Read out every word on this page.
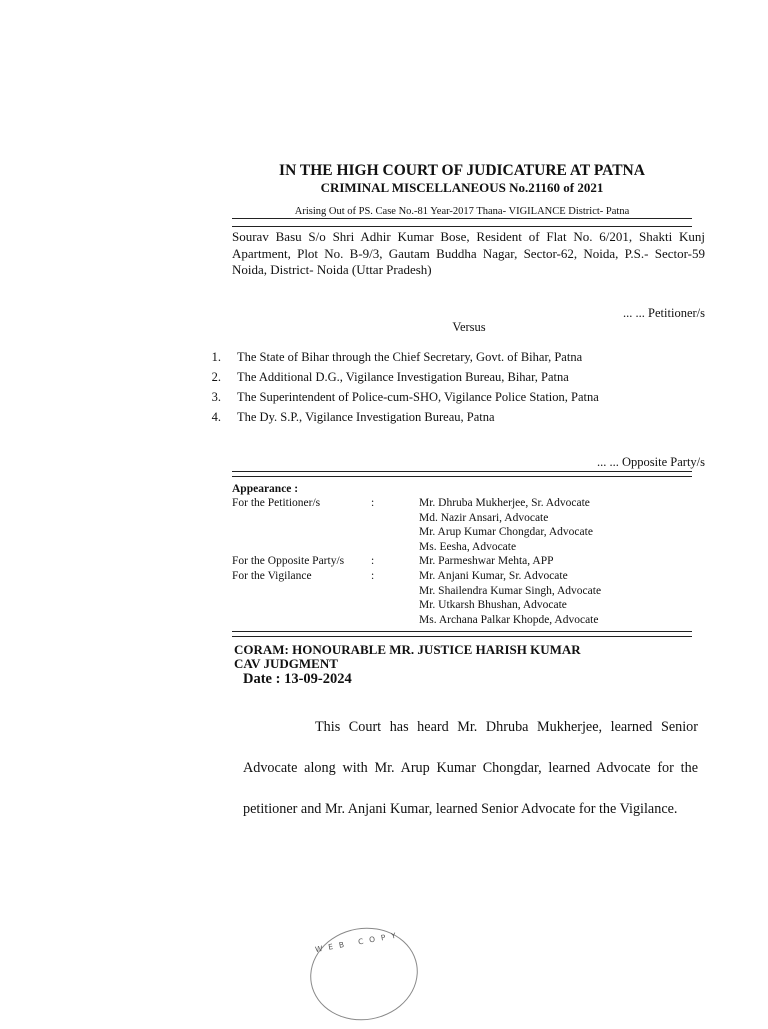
IN THE HIGH COURT OF JUDICATURE AT PATNA
CRIMINAL MISCELLANEOUS No.21160 of 2021
Arising Out of PS. Case No.-81 Year-2017 Thana- VIGILANCE District- Patna
Sourav Basu S/o Shri Adhir Kumar Bose, Resident of Flat No. 6/201, Shakti Kunj Apartment, Plot No. B-9/3, Gautam Buddha Nagar, Sector-62, Noida, P.S.- Sector-59 Noida, District- Noida (Uttar Pradesh)
... ... Petitioner/s
Versus
1. The State of Bihar through the Chief Secretary, Govt. of Bihar, Patna
2. The Additional D.G., Vigilance Investigation Bureau, Bihar, Patna
3. The Superintendent of Police-cum-SHO, Vigilance Police Station, Patna
4. The Dy. S.P., Vigilance Investigation Bureau, Patna
... ... Opposite Party/s
Appearance :
For the Petitioner/s	:	Mr. Dhruba Mukherjee, Sr. Advocate
Md. Nazir Ansari, Advocate
Mr. Arup Kumar Chongdar, Advocate
Ms. Eesha, Advocate
For the Opposite Party/s :	Mr. Parmeshwar Mehta, APP
For the Vigilance	:	Mr. Anjani Kumar, Sr. Advocate
Mr. Shailendra Kumar Singh, Advocate
Mr. Utkarsh Bhushan, Advocate
Ms. Archana Palkar Khopde, Advocate
CORAM: HONOURABLE MR. JUSTICE HARISH KUMAR
CAV JUDGMENT
Date : 13-09-2024

This Court has heard Mr. Dhruba Mukherjee, learned Senior Advocate along with Mr. Arup Kumar Chongdar, learned Advocate for the petitioner and Mr. Anjani Kumar, learned Senior Advocate for the Vigilance.

WEB COPY
